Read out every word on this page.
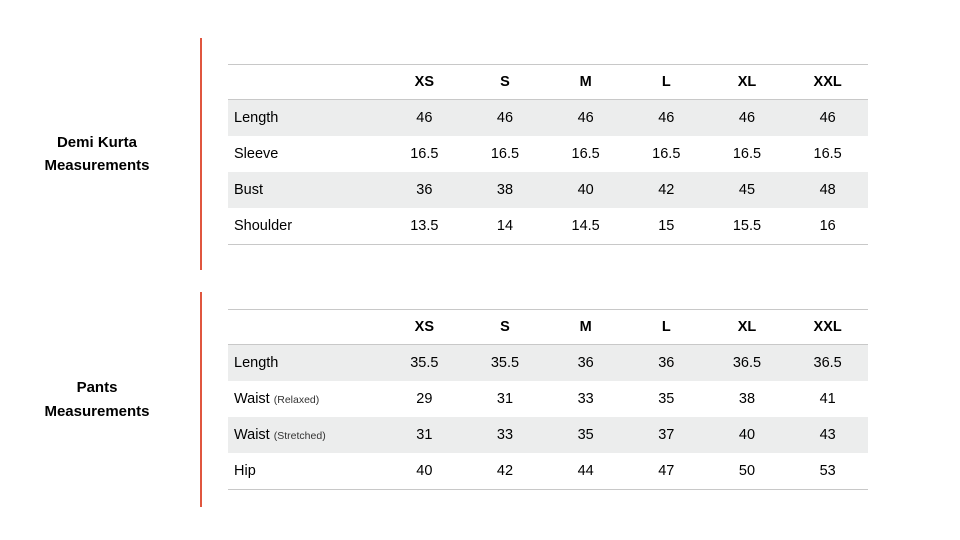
Demi Kurta
Measurements
	XS	S	M	L	XL	XXL
Length	46	46	46	46	46	46
Sleeve	16.5	16.5	16.5	16.5	16.5	16.5
Bust	36	38	40	42	45	48
Shoulder	13.5	14	14.5	15	15.5	16
Pants
Measurements
	XS	S	M	L	XL	XXL
Length	35.5	35.5	36	36	36.5	36.5
Waist (Relaxed)	29	31	33	35	38	41
Waist (Stretched)	31	33	35	37	40	43
Hip	40	42	44	47	50	53
